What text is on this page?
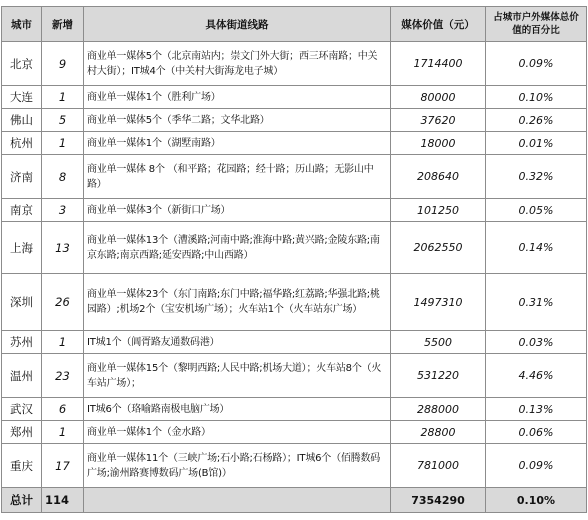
城市	新增	具体街道线路	媒体价值（元）	占城市户外媒体总价值的百分比
北京	9	商业单一媒体5个（北京南站内；崇文门外大街；西三环南路；中关村大街）；IT城4个（中关村大街海龙电子城）	1714400	0.09%
大连	1	商业单一媒体1个（胜利广场）	80000	0.10%
佛山	5	商业单一媒体5个（季华二路；文华北路）	37620	0.26%
杭州	1	商业单一媒体1个（湖墅南路）	18000	0.01%
济南	8	商业单一媒体 8个 （和平路；花园路；经十路；历山路；无影山中路）	208640	0.32%
南京	3	商业单一媒体3个（新街口广场）	101250	0.05%
上海	13	商业单一媒体13个（漕溪路;河南中路;淮海中路;黄兴路;金陵东路;南京东路;南京西路;延安西路;中山西路）	2062550	0.14%
深圳	26	商业单一媒体23个（东门南路;东门中路;福华路;红荔路;华强北路;桃园路）;机场2个（宝安机场广场）；火车站1个（火车站东广场）	1497310	0.31%
苏州	1	IT城1个（阊胥路友通数码港）	5500	0.03%
温州	23	商业单一媒体15个（黎明西路;人民中路;机场大道）；火车站8个（火车站广场）；	531220	4.46%
武汉	6	IT城6个（珞喻路南极电脑广场）	288000	0.13%
郑州	1	商业单一媒体1个（金水路）	28800	0.06%
重庆	17	商业单一媒体11个（三峡广场;石小路;石杨路）；IT城6个（佰腾数码广场;渝州路赛博数码广场(B馆)）	781000	0.09%
总计	114		7354290	0.10%
